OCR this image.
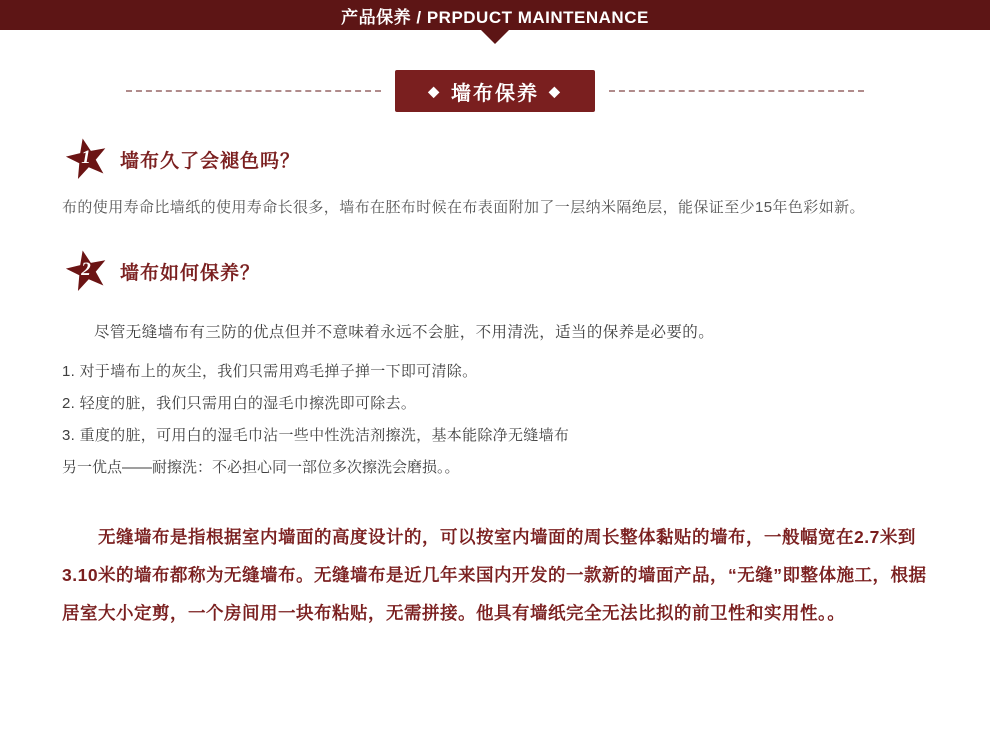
产品保养 / PRPDUCT MAINTENANCE
◆ 墙布保养 ◆
1	墙布久了会褪色吗？
布的使用寿命比墙纸的使用寿命长很多，墙布在胚布时候在布表面附加了一层纳米隔绝层，能保证至少15年色彩如新。
2	墙布如何保养？
尽管无缝墙布有三防的优点但并不意味着永远不会脏，不用清洗，适当的保养是必要的。
1. 对于墙布上的灰尘，我们只需用鸡毛掸子掸一下即可清除。
2. 轻度的脏，我们只需用白的湿毛巾擦洗即可除去。
3. 重度的脏，可用白的湿毛巾沾一些中性洗洁剂擦洗，基本能除净无缝墙布
另一优点——耐擦洗：不必担心同一部位多次擦洗会磨损。。
无缝墙布是指根据室内墙面的高度设计的，可以按室内墙面的周长整体黏贴的墙布，一般幅宽在2.7米到3.10米的墙布都称为无缝墙布。无缝墙布是近几年来国内开发的一款新的墙面产品，“无缝”即整体施工，根据居室大小定剪，一个房间用一块布粘贴，无需拼接。他具有墙纸完全无法比拟的前卫性和实用性。。
